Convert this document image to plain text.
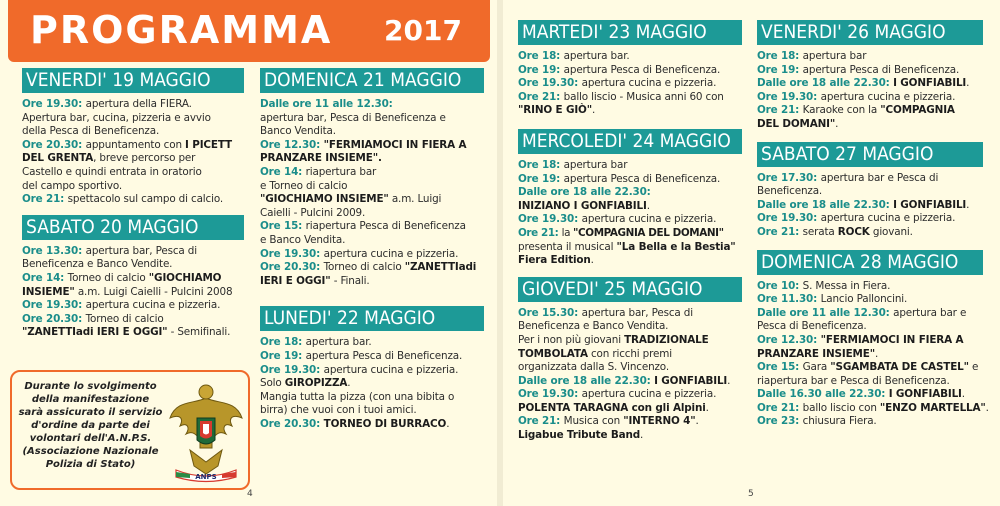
PROGRAMMA 2017
VENERDI' 19 MAGGIO
Ore 19.30: apertura della FIERA.
Apertura bar, cucina, pizzeria e avvio
della Pesca di Beneficenza.
Ore 20.30: appuntamento con I PICETT
DEL GRENTA, breve percorso per
Castello e quindi entrata in oratorio
del campo sportivo.
Ore 21: spettacolo sul campo di calcio.
SABATO 20 MAGGIO
Ore 13.30: apertura bar, Pesca di
Beneficenza e Banco Vendite.
Ore 14: Torneo di calcio "GIOCHIAMO
INSIEME" a.m. Luigi Caielli - Pulcini 2008
Ore 19.30: apertura cucina e pizzeria.
Ore 20.30: Torneo di calcio
"ZANETTIadi IERI E OGGI" - Semifinali.
DOMENICA 21 MAGGIO
Dalle ore 11 alle 12.30:
apertura bar, Pesca di Beneficenza e
Banco Vendita.
Ore 12.30: "FERMIAMOCI IN FIERA A
PRANZARE INSIEME".
Ore 14: riapertura bar
e Torneo di calcio
"GIOCHIAMO INSIEME" a.m. Luigi
Caielli - Pulcini 2009.
Ore 15: riapertura Pesca di Beneficenza
e Banco Vendita.
Ore 19.30: apertura cucina e pizzeria.
Ore 20.30: Torneo di calcio "ZANETTIadi
IERI E OGGI" - Finali.
LUNEDI' 22 MAGGIO
Ore 18: apertura bar.
Ore 19: apertura Pesca di Beneficenza.
Ore 19.30: apertura cucina e pizzeria.
Solo GIROPIZZA.
Mangia tutta la pizza (con una bibita o
birra) che vuoi con i tuoi amici.
Ore 20.30: TORNEO DI BURRACO.
MARTEDI' 23 MAGGIO
Ore 18: apertura bar.
Ore 19: apertura Pesca di Beneficenza.
Ore 19.30: apertura cucina e pizzeria.
Ore 21: ballo liscio - Musica anni 60 con
"RINO E GIÒ".
MERCOLEDI' 24 MAGGIO
Ore 18: apertura bar
Ore 19: apertura Pesca di Beneficenza.
Dalle ore 18 alle 22.30:
INIZIANO I GONFIABILI.
Ore 19.30: apertura cucina e pizzeria.
Ore 21: la "COMPAGNIA DEL DOMANI"
presenta il musical "La Bella e la Bestia"
Fiera Edition.
GIOVEDI' 25 MAGGIO
Ore 15.30: apertura bar, Pesca di
Beneficenza e Banco Vendita.
Per i non più giovani TRADIZIONALE
TOMBOLATA con ricchi premi
organizzata dalla S. Vincenzo.
Dalle ore 18 alle 22.30: I GONFIABILI.
Ore 19.30: apertura cucina e pizzeria.
POLENTA TARAGNA con gli Alpini.
Ore 21: Musica con "INTERNO 4".
Ligabue Tribute Band.
VENERDI' 26 MAGGIO
Ore 18: apertura bar
Ore 19: apertura Pesca di Beneficenza.
Dalle ore 18 alle 22.30: I GONFIABILI.
Ore 19.30: apertura cucina e pizzeria.
Ore 21: Karaoke con la "COMPAGNIA
DEL DOMANI".
SABATO 27 MAGGIO
Ore 17.30: apertura bar e Pesca di
Beneficenza.
Dalle ore 18 alle 22.30: I GONFIABILI.
Ore 19.30: apertura cucina e pizzeria.
Ore 21: serata ROCK giovani.
DOMENICA 28 MAGGIO
Ore 10: S. Messa in Fiera.
Ore 11.30: Lancio Palloncini.
Dalle ore 11 alle 12.30: apertura bar e
Pesca di Beneficenza.
Ore 12.30: "FERMIAMOCI IN FIERA A
PRANZARE INSIEME".
Ore 15: Gara "SGAMBATA DE CASTEL" e
riapertura bar e Pesca di Beneficenza.
Dalle 16.30 alle 22.30: I GONFIABILI.
Ore 21: ballo liscio con "ENZO MARTELLA".
Ore 23: chiusura Fiera.
Durante lo svolgimento
della manifestazione
sarà assicurato il servizio
d'ordine da parte dei
volontari dell'A.N.P.S.
(Associazione Nazionale
Polizia di Stato)
ANPS
4	5
